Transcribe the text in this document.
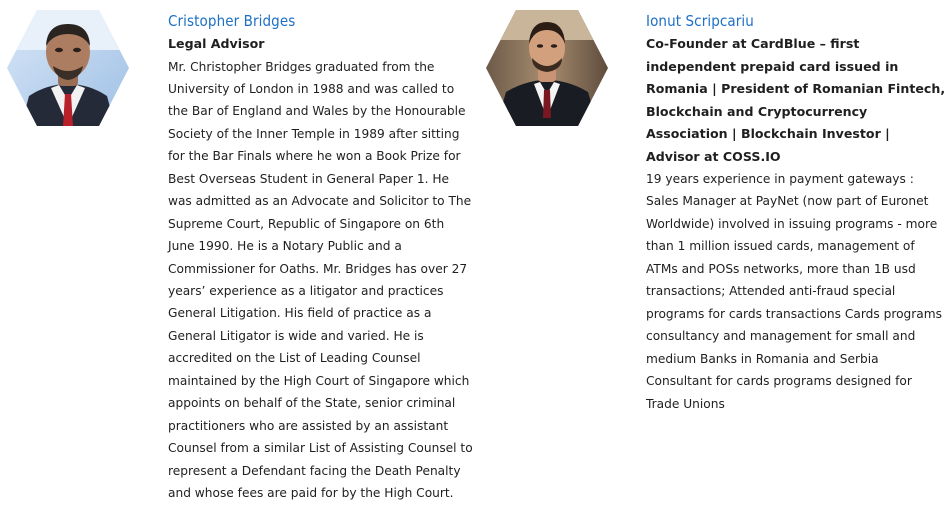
Cristopher Bridges
Legal Advisor
Mr. Christopher Bridges graduated from the University of London in 1988 and was called to the Bar of England and Wales by the Honourable Society of the Inner Temple in 1989 after sitting for the Bar Finals where he won a Book Prize for Best Overseas Student in General Paper 1. He was admitted as an Advocate and Solicitor to The Supreme Court, Republic of Singapore on 6th June 1990. He is a Notary Public and a Commissioner for Oaths. Mr. Bridges has over 27 years’ experience as a litigator and practices General Litigation. His field of practice as a General Litigator is wide and varied. He is accredited on the List of Leading Counsel maintained by the High Court of Singapore which appoints on behalf of the State, senior criminal practitioners who are assisted by an assistant Counsel from a similar List of Assisting Counsel to represent a Defendant facing the Death Penalty and whose fees are paid for by the High Court.
Ionut Scripcariu
Co-Founder at CardBlue – first independent prepaid card issued in Romania | President of Romanian Fintech, Blockchain and Cryptocurrency Association | Blockchain Investor | Advisor at COSS.IO
19 years experience in payment gateways : Sales Manager at PayNet (now part of Euronet Worldwide) involved in issuing programs - more than 1 million issued cards, management of ATMs and POSs networks, more than 1B usd transactions; Attended anti-fraud special programs for cards transactions Cards programs consultancy and management for small and medium Banks in Romania and Serbia Consultant for cards programs designed for Trade Unions
